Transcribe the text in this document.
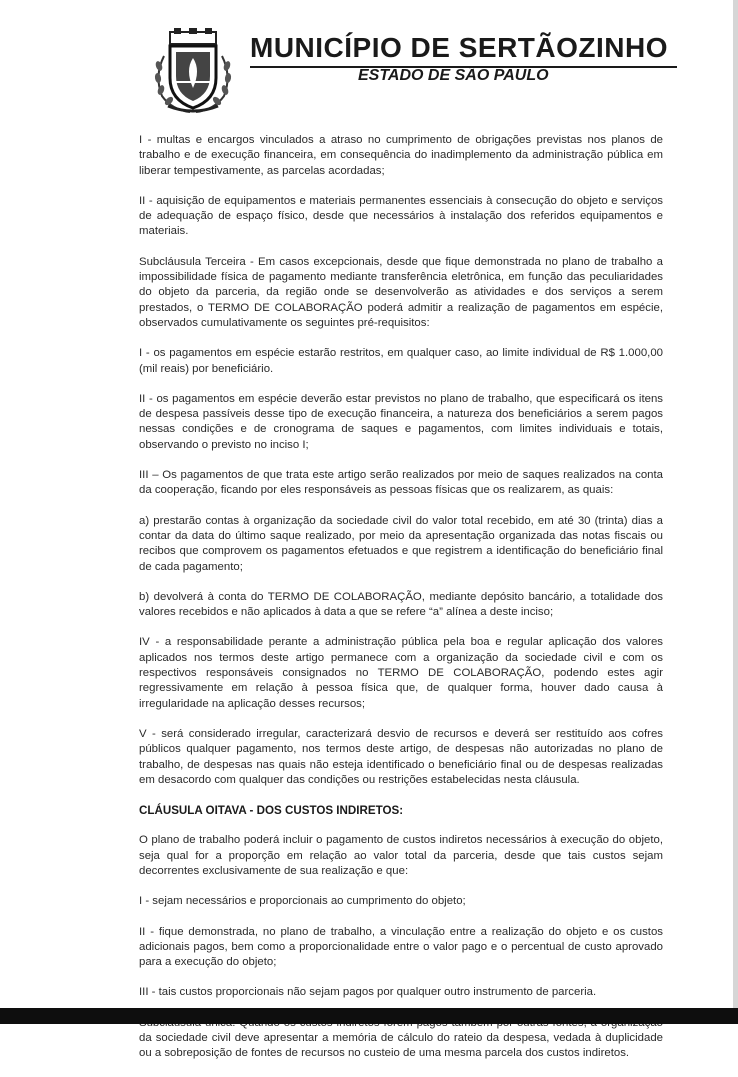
MUNICÍPIO DE SERTÃOZINHO
ESTADO DE SÃO PAULO

I - multas e encargos vinculados a atraso no cumprimento de obrigações previstas nos planos de trabalho e de execução financeira, em consequência do inadimplemento da administração pública em liberar tempestivamente, as parcelas acordadas;

II - aquisição de equipamentos e materiais permanentes essenciais à consecução do objeto e serviços de adequação de espaço físico, desde que necessários à instalação dos referidos equipamentos e materiais.

Subcláusula Terceira - Em casos excepcionais, desde que fique demonstrada no plano de trabalho a impossibilidade física de pagamento mediante transferência eletrônica, em função das peculiaridades do objeto da parceria, da região onde se desenvolverão as atividades e dos serviços a serem prestados, o TERMO DE COLABORAÇÃO poderá admitir a realização de pagamentos em espécie, observados cumulativamente os seguintes pré-requisitos:

I - os pagamentos em espécie estarão restritos, em qualquer caso, ao limite individual de R$ 1.000,00 (mil reais) por beneficiário.

II - os pagamentos em espécie deverão estar previstos no plano de trabalho, que especificará os itens de despesa passíveis desse tipo de execução financeira, a natureza dos beneficiários a serem pagos nessas condições e de cronograma de saques e pagamentos, com limites individuais e totais, observando o previsto no inciso I;

III – Os pagamentos de que trata este artigo serão realizados por meio de saques realizados na conta da cooperação, ficando por eles responsáveis as pessoas físicas que os realizarem, as quais:

a) prestarão contas à organização da sociedade civil do valor total recebido, em até 30 (trinta) dias a contar da data do último saque realizado, por meio da apresentação organizada das notas fiscais ou recibos que comprovem os pagamentos efetuados e que registrem a identificação do beneficiário final de cada pagamento;

b) devolverá à conta do TERMO DE COLABORAÇÃO, mediante depósito bancário, a totalidade dos valores recebidos e não aplicados à data a que se refere “a” alínea a deste inciso;

IV - a responsabilidade perante a administração pública pela boa e regular aplicação dos valores aplicados nos termos deste artigo permanece com a organização da sociedade civil e com os respectivos responsáveis consignados no TERMO DE COLABORAÇÃO, podendo estes agir regressivamente em relação à pessoa física que, de qualquer forma, houver dado causa à irregularidade na aplicação desses recursos;

V - será considerado irregular, caracterizará desvio de recursos e deverá ser restituído aos cofres públicos qualquer pagamento, nos termos deste artigo, de despesas não autorizadas no plano de trabalho, de despesas nas quais não esteja identificado o beneficiário final ou de despesas realizadas em desacordo com qualquer das condições ou restrições estabelecidas nesta cláusula.

CLÁUSULA OITAVA - DOS CUSTOS INDIRETOS:

O plano de trabalho poderá incluir o pagamento de custos indiretos necessários à execução do objeto, seja qual for a proporção em relação ao valor total da parceria, desde que tais custos sejam decorrentes exclusivamente de sua realização e que:

I - sejam necessários e proporcionais ao cumprimento do objeto;

II - fique demonstrada, no plano de trabalho, a vinculação entre a realização do objeto e os custos adicionais pagos, bem como a proporcionalidade entre o valor pago e o percentual de custo aprovado para a execução do objeto;

III - tais custos proporcionais não sejam pagos por qualquer outro instrumento de parceria.

da sociedade civil deve apresentar a memória de cálculo do rateio da despesa, vedada à duplicidade ou a sobreposição de fontes de recursos no custeio de uma mesma parcela dos custos indiretos.
